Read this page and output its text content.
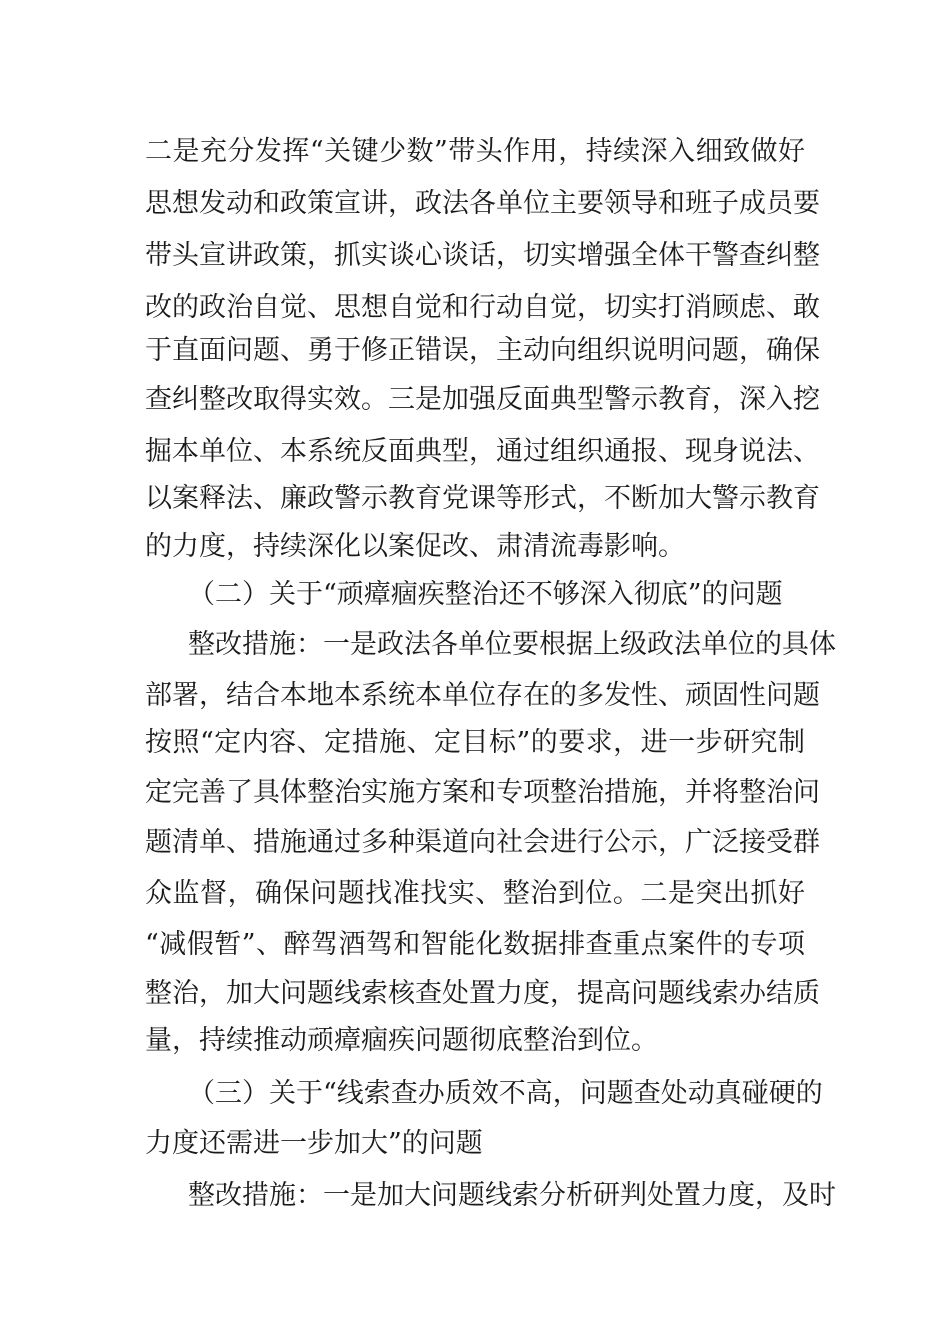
二是充分发挥“关键少数”带头作用，持续深入细致做好
思想发动和政策宣讲，政法各单位主要领导和班子成员要
带头宣讲政策，抓实谈心谈话，切实增强全体干警查纠整
改的政治自觉、思想自觉和行动自觉，切实打消顾虑、敢
于直面问题、勇于修正错误，主动向组织说明问题，确保
查纠整改取得实效。三是加强反面典型警示教育，深入挖
掘本单位、本系统反面典型，通过组织通报、现身说法、
以案释法、廉政警示教育党课等形式，不断加大警示教育
的力度，持续深化以案促改、肃清流毒影响。
（二）关于“顽瘴痼疾整治还不够深入彻底”的问题
整改措施：一是政法各单位要根据上级政法单位的具体
部署，结合本地本系统本单位存在的多发性、顽固性问题
按照“定内容、定措施、定目标”的要求，进一步研究制
定完善了具体整治实施方案和专项整治措施，并将整治问
题清单、措施通过多种渠道向社会进行公示，广泛接受群
众监督，确保问题找准找实、整治到位。二是突出抓好
“减假暂”、醉驾酒驾和智能化数据排查重点案件的专项
整治，加大问题线索核查处置力度，提高问题线索办结质
量，持续推动顽瘴痼疾问题彻底整治到位。
（三）关于“线索查办质效不高，问题查处动真碰硬的
力度还需进一步加大”的问题
整改措施：一是加大问题线索分析研判处置力度，及时
